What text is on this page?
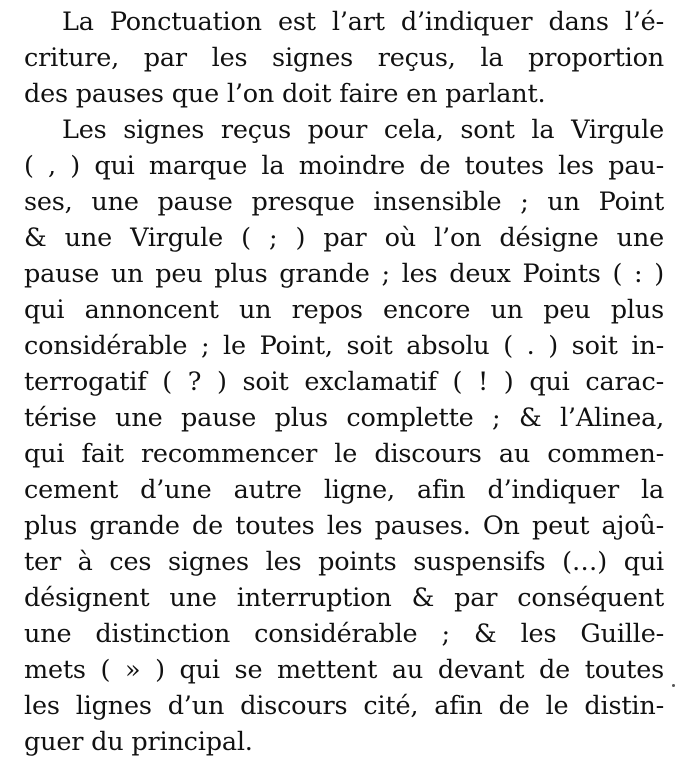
La Ponctuation est l’art d’indiquer dans l’é-
criture, par les signes reçus, la proportion
des pauses que l’on doit faire en parlant.
Les signes reçus pour cela, sont la Virgule
( , ) qui marque la moindre de toutes les pau-
ses, une pause presque insensible ; un Point
& une Virgule ( ; ) par où l’on désigne une
pause un peu plus grande ; les deux Points ( : )
qui annoncent un repos encore un peu plus
considérable ; le Point, soit absolu ( . ) soit in-
terrogatif ( ? ) soit exclamatif ( ! ) qui carac-
térise une pause plus complette ; & l’Alinea,
qui fait recommencer le discours au commen-
cement d’une autre ligne, afin d’indiquer la
plus grande de toutes les pauses. On peut ajoû-
ter à ces signes les points suspensifs (…) qui
désignent une interruption & par conséquent
une distinction considérable ; & les Guille-
mets ( » ) qui se mettent au devant de toutes
les lignes d’un discours cité, afin de le distin-
guer du principal.
